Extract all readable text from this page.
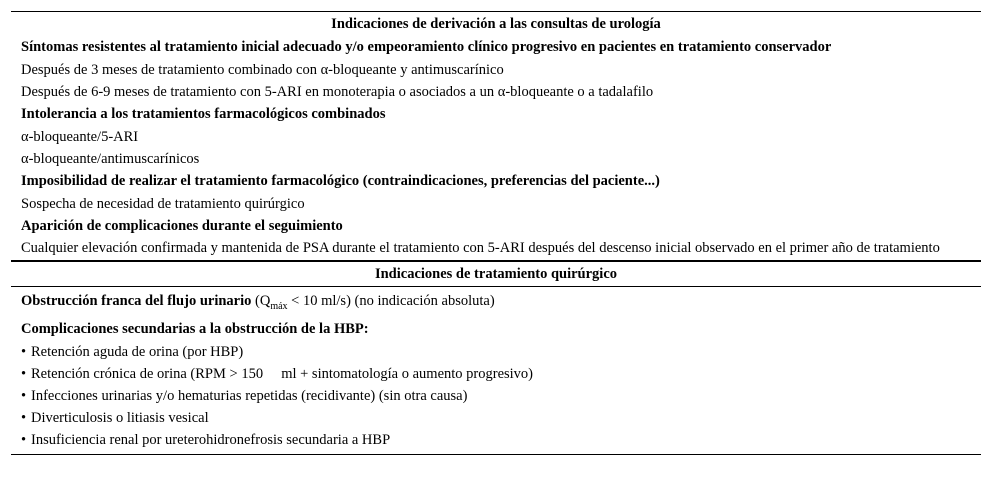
Indicaciones de derivación a las consultas de urología
Síntomas resistentes al tratamiento inicial adecuado y/o empeoramiento clínico progresivo en pacientes en tratamiento conservador
Después de 3 meses de tratamiento combinado con α-bloqueante y antimuscarínico
Después de 6-9 meses de tratamiento con 5-ARI en monoterapia o asociados a un α-bloqueante o a tadalafilo
Intolerancia a los tratamientos farmacológicos combinados
α-bloqueante/5-ARI
α-bloqueante/antimuscarínicos
Imposibilidad de realizar el tratamiento farmacológico (contraindicaciones, preferencias del paciente...)
Sospecha de necesidad de tratamiento quirúrgico
Aparición de complicaciones durante el seguimiento
Cualquier elevación confirmada y mantenida de PSA durante el tratamiento con 5-ARI después del descenso inicial observado en el primer año de tratamiento
Indicaciones de tratamiento quirúrgico
Obstrucción franca del flujo urinario ($Q_{máx} < 10$ ml/s) (no indicación absoluta)
Complicaciones secundarias a la obstrucción de la HBP:
• Retención aguda de orina (por HBP)
• Retención crónica de orina (RPM > 150     ml + sintomatología o aumento progresivo)
• Infecciones urinarias y/o hematurias repetidas (recidivante) (sin otra causa)
• Diverticulosis o litiasis vesical
• Insuficiencia renal por ureterohidronefrosis secundaria a HBP
